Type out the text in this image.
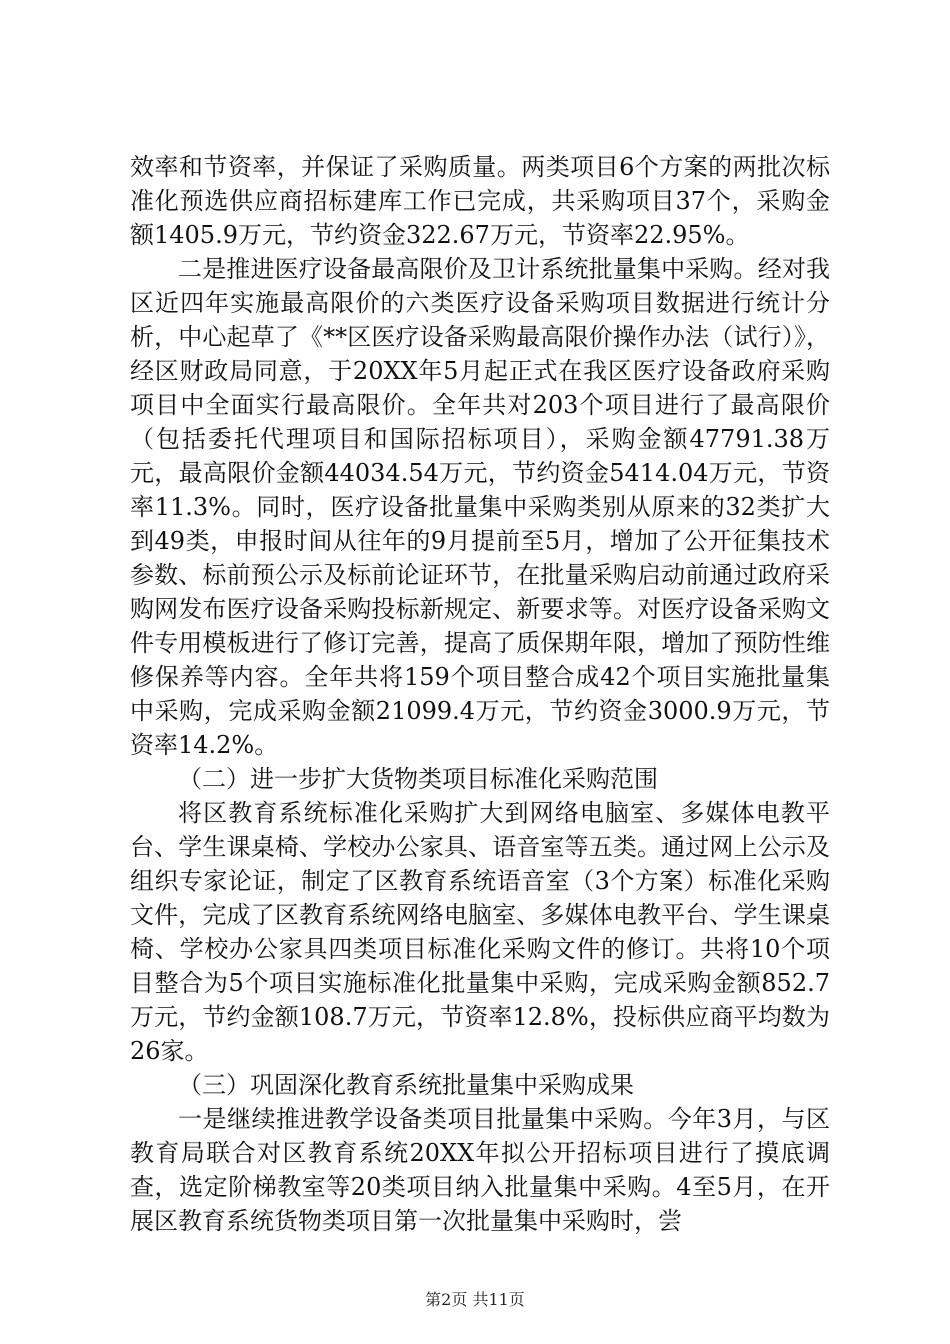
效率和节资率，并保证了采购质量。两类项目6个方案的两批次标准化预选供应商招标建库工作已完成，共采购项目37个，采购金额1405.9万元，节约资金322.67万元，节资率22.95%。

二是推进医疗设备最高限价及卫计系统批量集中采购。经对我区近四年实施最高限价的六类医疗设备采购项目数据进行统计分析，中心起草了《**区医疗设备采购最高限价操作办法（试行）》，经区财政局同意，于20XX年5月起正式在我区医疗设备政府采购项目中全面实行最高限价。全年共对203个项目进行了最高限价（包括委托代理项目和国际招标项目），采购金额47791.38万元，最高限价金额44034.54万元，节约资金5414.04万元，节资率11.3%。同时，医疗设备批量集中采购类别从原来的32类扩大到49类，申报时间从往年的9月提前至5月，增加了公开征集技术参数、标前预公示及标前论证环节，在批量采购启动前通过政府采购网发布医疗设备采购投标新规定、新要求等。对医疗设备采购文件专用模板进行了修订完善，提高了质保期年限，增加了预防性维修保养等内容。全年共将159个项目整合成42个项目实施批量集中采购，完成采购金额21099.4万元，节约资金3000.9万元，节资率14.2%。

（二）进一步扩大货物类项目标准化采购范围

将区教育系统标准化采购扩大到网络电脑室、多媒体电教平台、学生课桌椅、学校办公家具、语音室等五类。通过网上公示及组织专家论证，制定了区教育系统语音室（3个方案）标准化采购文件，完成了区教育系统网络电脑室、多媒体电教平台、学生课桌椅、学校办公家具四类项目标准化采购文件的修订。共将10个项目整合为5个项目实施标准化批量集中采购，完成采购金额852.7万元，节约金额108.7万元，节资率12.8%，投标供应商平均数为26家。

（三）巩固深化教育系统批量集中采购成果

一是继续推进教学设备类项目批量集中采购。今年3月，与区教育局联合对区教育系统20XX年拟公开招标项目进行了摸底调查，选定阶梯教室等20类项目纳入批量集中采购。4至5月，在开展区教育系统货物类项目第一次批量集中采购时，尝

第2页 共11页
